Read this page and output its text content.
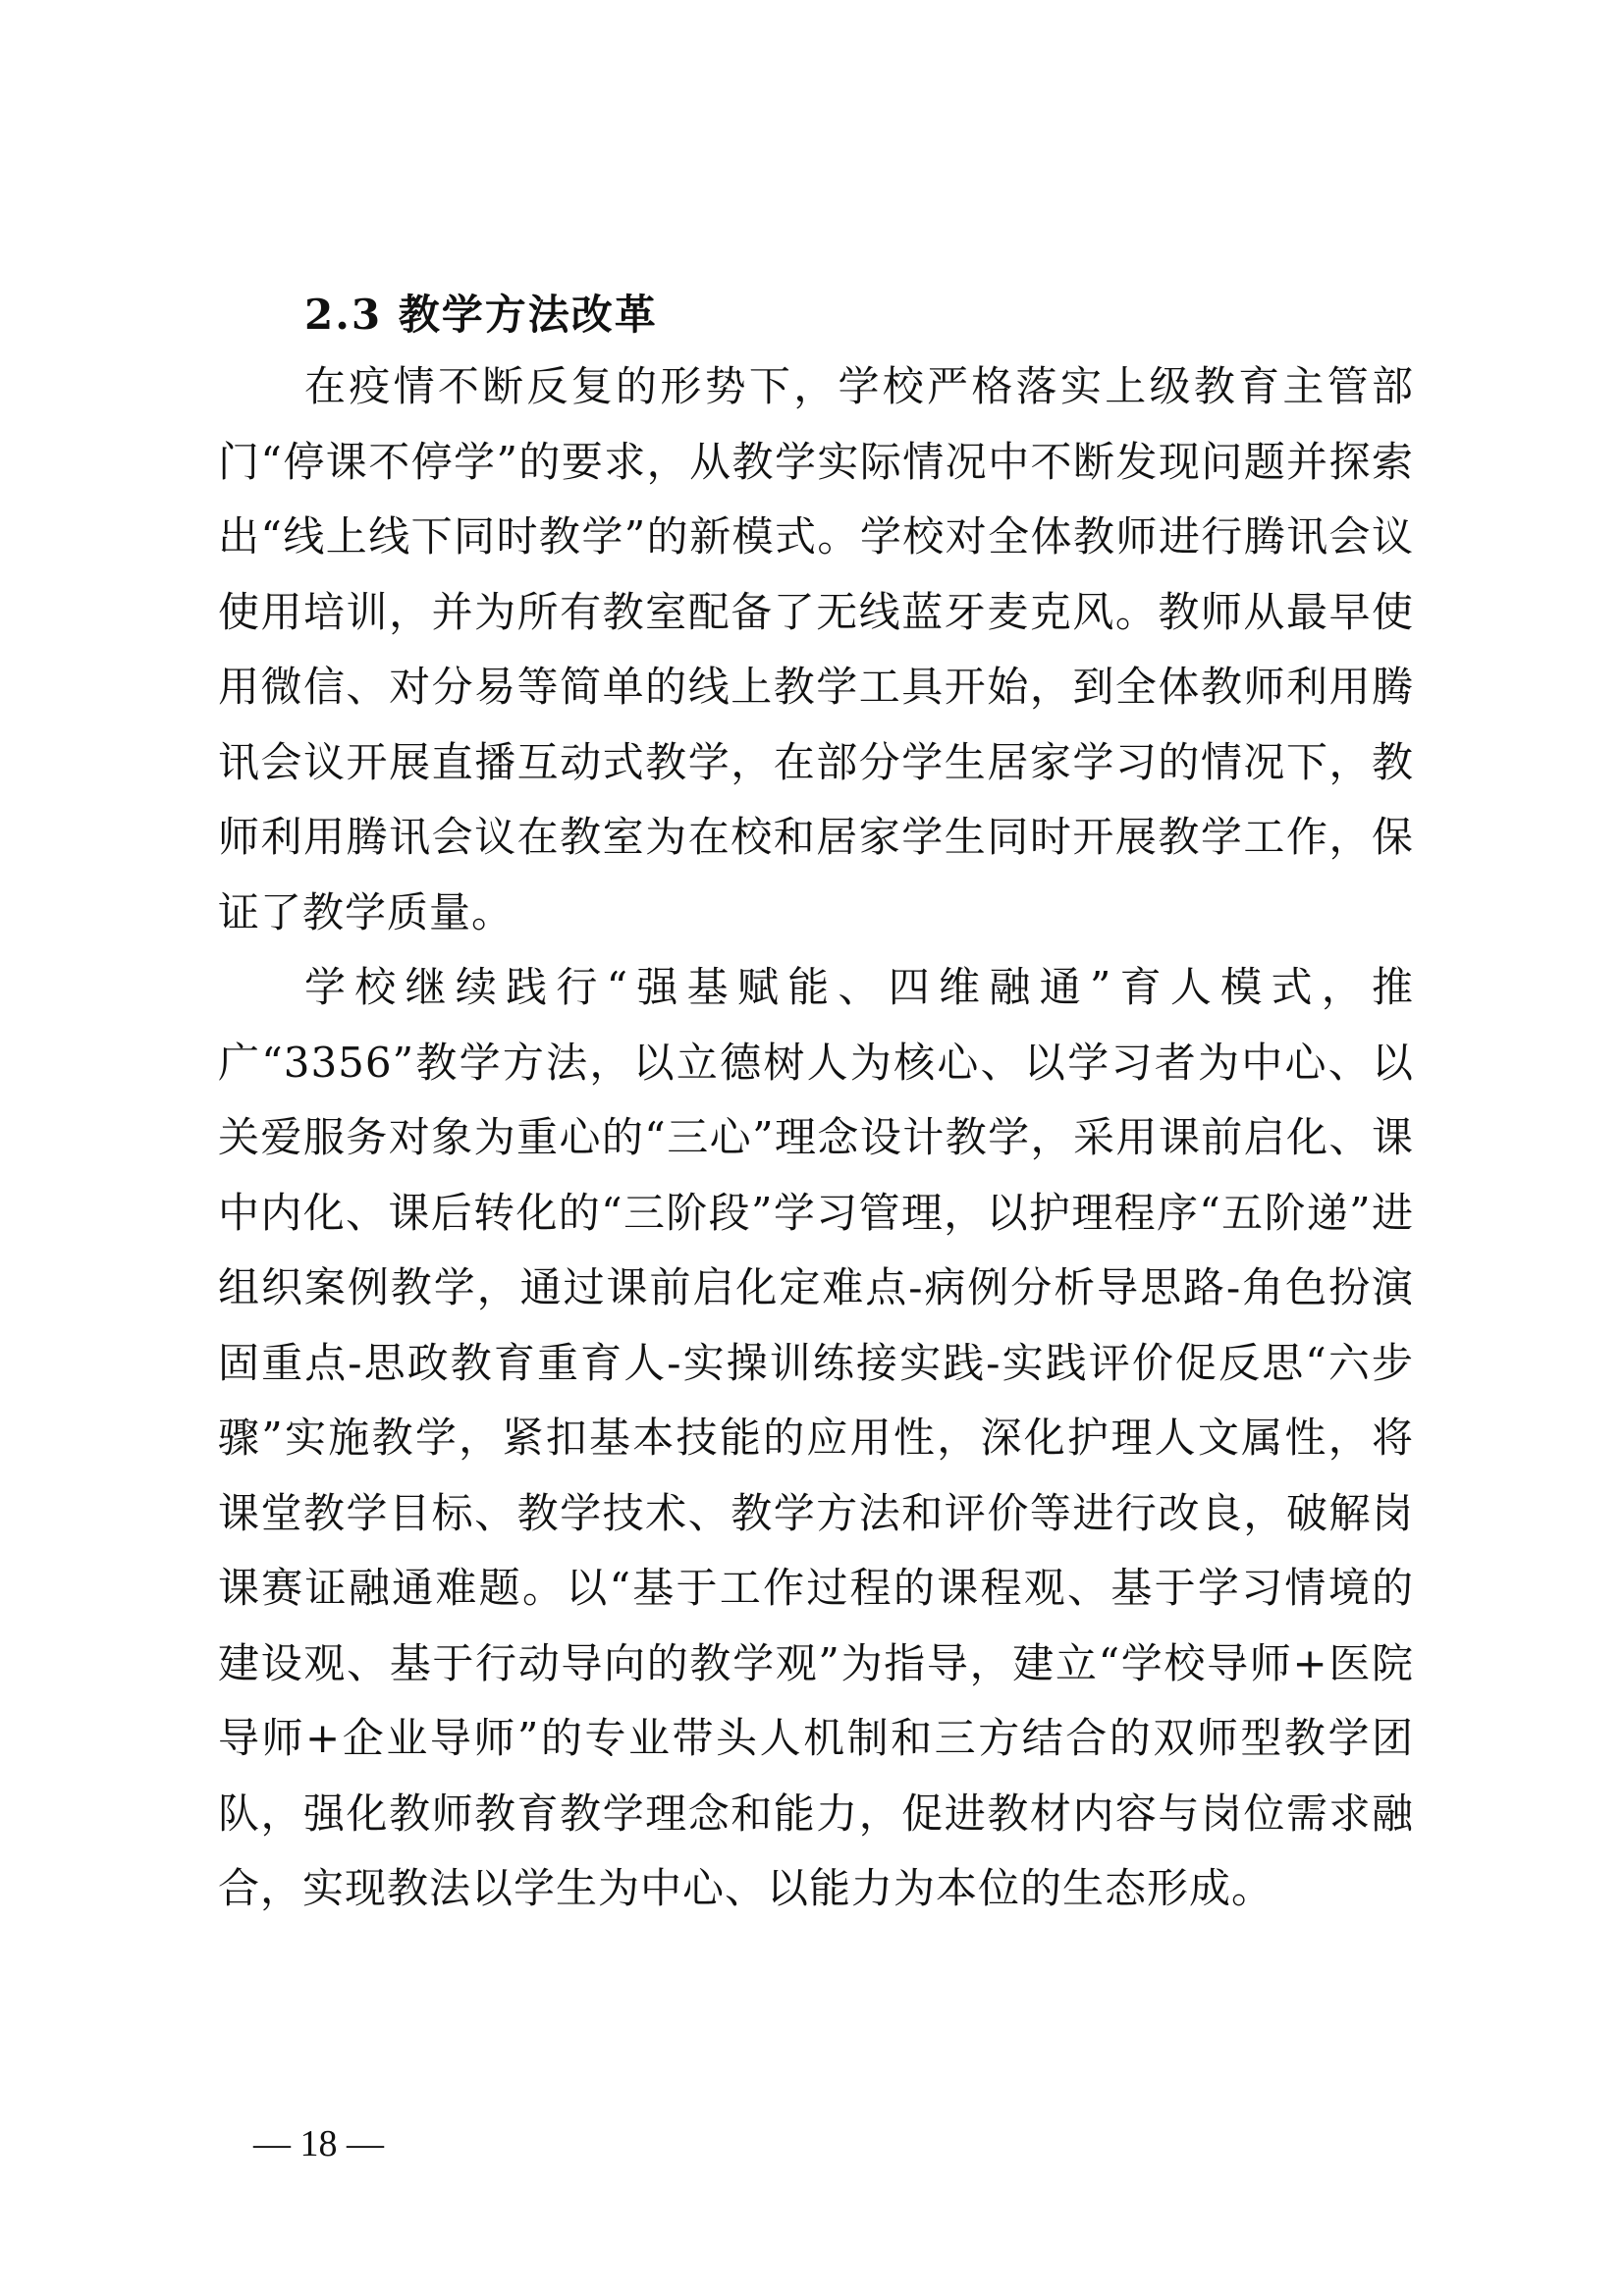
2.3 教学方法改革

在疫情不断反复的形势下，学校严格落实上级教育主管部门“停课不停学”的要求，从教学实际情况中不断发现问题并探索出“线上线下同时教学”的新模式。学校对全体教师进行腾讯会议使用培训，并为所有教室配备了无线蓝牙麦克风。教师从最早使用微信、对分易等简单的线上教学工具开始，到全体教师利用腾讯会议开展直播互动式教学，在部分学生居家学习的情况下，教师利用腾讯会议在教室为在校和居家学生同时开展教学工作，保证了教学质量。

学校继续践行“强基赋能、四维融通”育人模式，推广“3356”教学方法，以立德树人为核心、以学习者为中心、以关爱服务对象为重心的“三心”理念设计教学，采用课前启化、课中内化、课后转化的“三阶段”学习管理，以护理程序“五阶递”进组织案例教学，通过课前启化定难点-病例分析导思路-角色扮演固重点-思政教育重育人-实操训练接实践-实践评价促反思“六步骤”实施教学，紧扣基本技能的应用性，深化护理人文属性，将课堂教学目标、教学技术、教学方法和评价等进行改良，破解岗课赛证融通难题。以“基于工作过程的课程观、基于学习情境的建设观、基于行动导向的教学观”为指导，建立“学校导师+医院导师+企业导师”的专业带头人机制和三方结合的双师型教学团队，强化教师教育教学理念和能力，促进教材内容与岗位需求融合，实现教法以学生为中心、以能力为本位的生态形成。

— 18 —
